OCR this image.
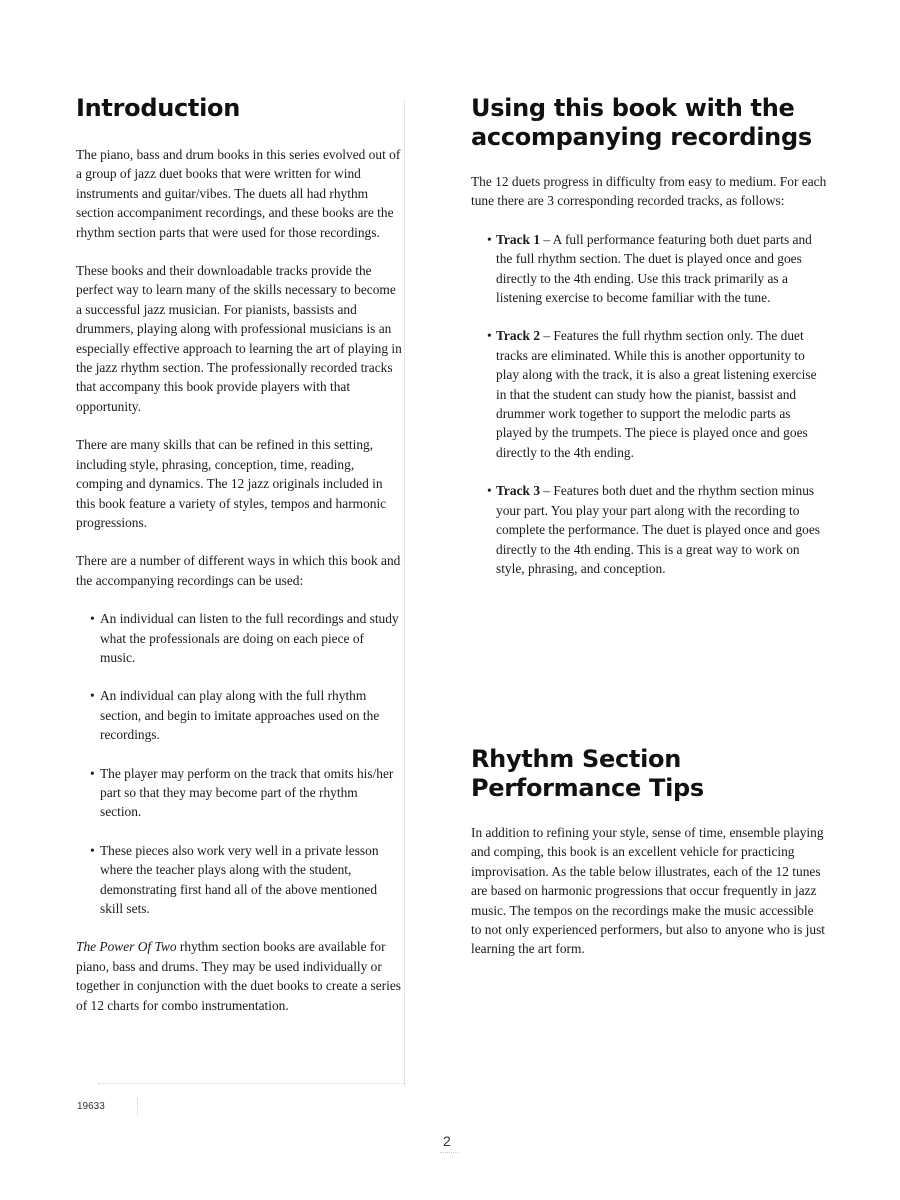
Introduction

The piano, bass and drum books in this series evolved out of a group of jazz duet books that were written for wind instruments and guitar/vibes. The duets all had rhythm section accompaniment recordings, and these books are the rhythm section parts that were used for those recordings.

These books and their downloadable tracks provide the perfect way to learn many of the skills necessary to become a successful jazz musician. For pianists, bassists and drummers, playing along with professional musicians is an especially effective approach to learning the art of playing in the jazz rhythm section. The professionally recorded tracks that accompany this book provide players with that opportunity.

There are many skills that can be refined in this setting, including style, phrasing, conception, time, reading, comping and dynamics. The 12 jazz originals included in this book feature a variety of styles, tempos and harmonic progressions.

There are a number of different ways in which this book and the accompanying recordings can be used:

• An individual can listen to the full recordings and study what the professionals are doing on each piece of music.
• An individual can play along with the full rhythm section, and begin to imitate approaches used on the recordings.
• The player may perform on the track that omits his/her part so that they may become part of the rhythm section.
• These pieces also work very well in a private lesson where the teacher plays along with the student, demonstrating first hand all of the above mentioned skill sets.

The Power Of Two rhythm section books are available for piano, bass and drums. They may be used individually or together in conjunction with the duet books to create a series of 12 charts for combo instrumentation.

Using this book with the accompanying recordings

The 12 duets progress in difficulty from easy to medium. For each tune there are 3 corresponding recorded tracks, as follows:

• Track 1 – A full performance featuring both duet parts and the full rhythm section. The duet is played once and goes directly to the 4th ending. Use this track primarily as a listening exercise to become familiar with the tune.
• Track 2 – Features the full rhythm section only. The duet tracks are eliminated. While this is another opportunity to play along with the track, it is also a great listening exercise in that the student can study how the pianist, bassist and drummer work together to support the melodic parts as played by the trumpets. The piece is played once and goes directly to the 4th ending.
• Track 3 – Features both duet and the rhythm section minus your part. You play your part along with the recording to complete the performance. The duet is played once and goes directly to the 4th ending. This is a great way to work on style, phrasing, and conception.
Rhythm Section
Performance Tips

In addition to refining your style, sense of time, ensemble playing and comping, this book is an excellent vehicle for practicing improvisation. As the table below illustrates, each of the 12 tunes are based on harmonic progressions that occur frequently in jazz music. The tempos on the recordings make the music accessible to not only experienced performers, but also to anyone who is just learning the art form.

19633
2
